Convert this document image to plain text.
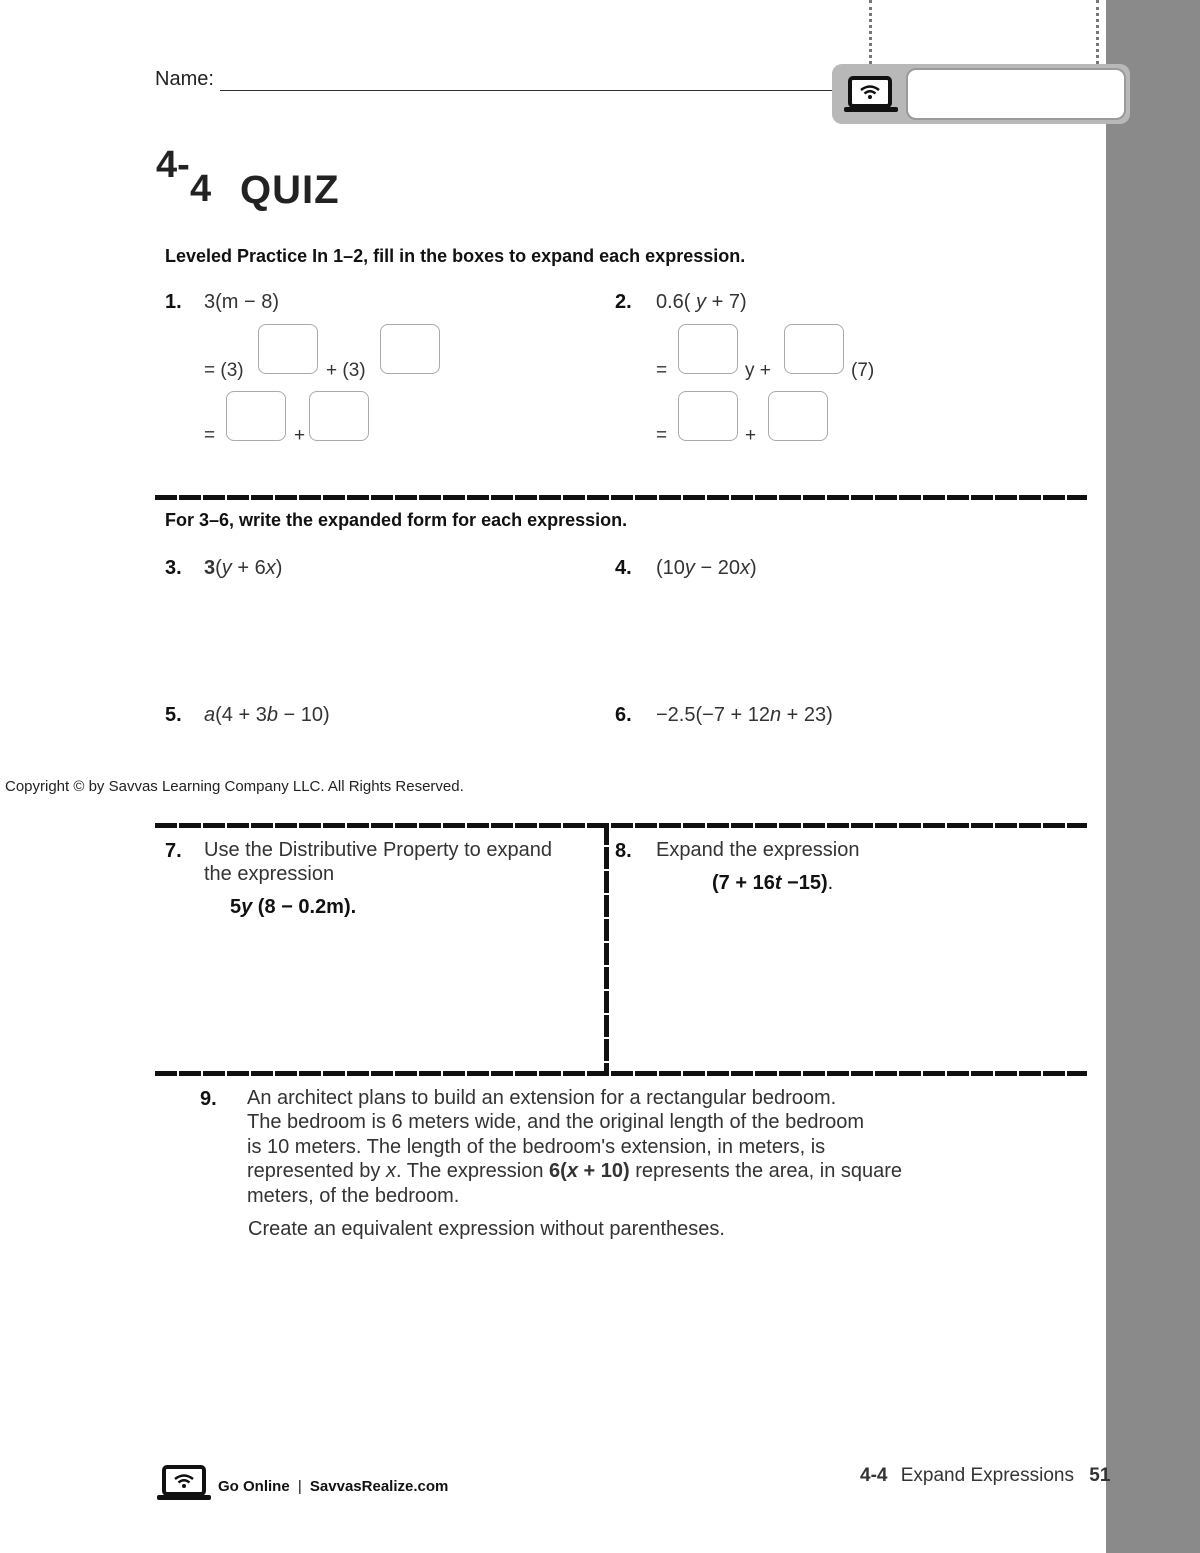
Name:
4-
4 QUIZ
Leveled Practice In 1–2, fill in the boxes to expand each expression.
1. 3(m − 8)
= (3)	+ (3)
=	+
2. 0.6( y + 7)
=	y +	(7)
=	+
For 3–6, write the expanded form for each expression.
3. 3(y + 6x)	4. (10y − 20x)
5. a(4 + 3b − 10)	6. −2.5(−7 + 12n + 23)
Copyright © by Savvas Learning Company LLC. All Rights Reserved.
7. Use the Distributive Property to expand
the expression
5y (8 − 0.2m).
8. Expand the expression
(7 + 16t −15).
9. An architect plans to build an extension for a rectangular bedroom.
The bedroom is 6 meters wide, and the original length of the bedroom
is 10 meters. The length of the bedroom's extension, in meters, is
represented by x. The expression 6(x + 10) represents the area, in square
meters, of the bedroom.
Create an equivalent expression without parentheses.
Go Online | SavvasRealize.com
4-4 Expand Expressions 51
